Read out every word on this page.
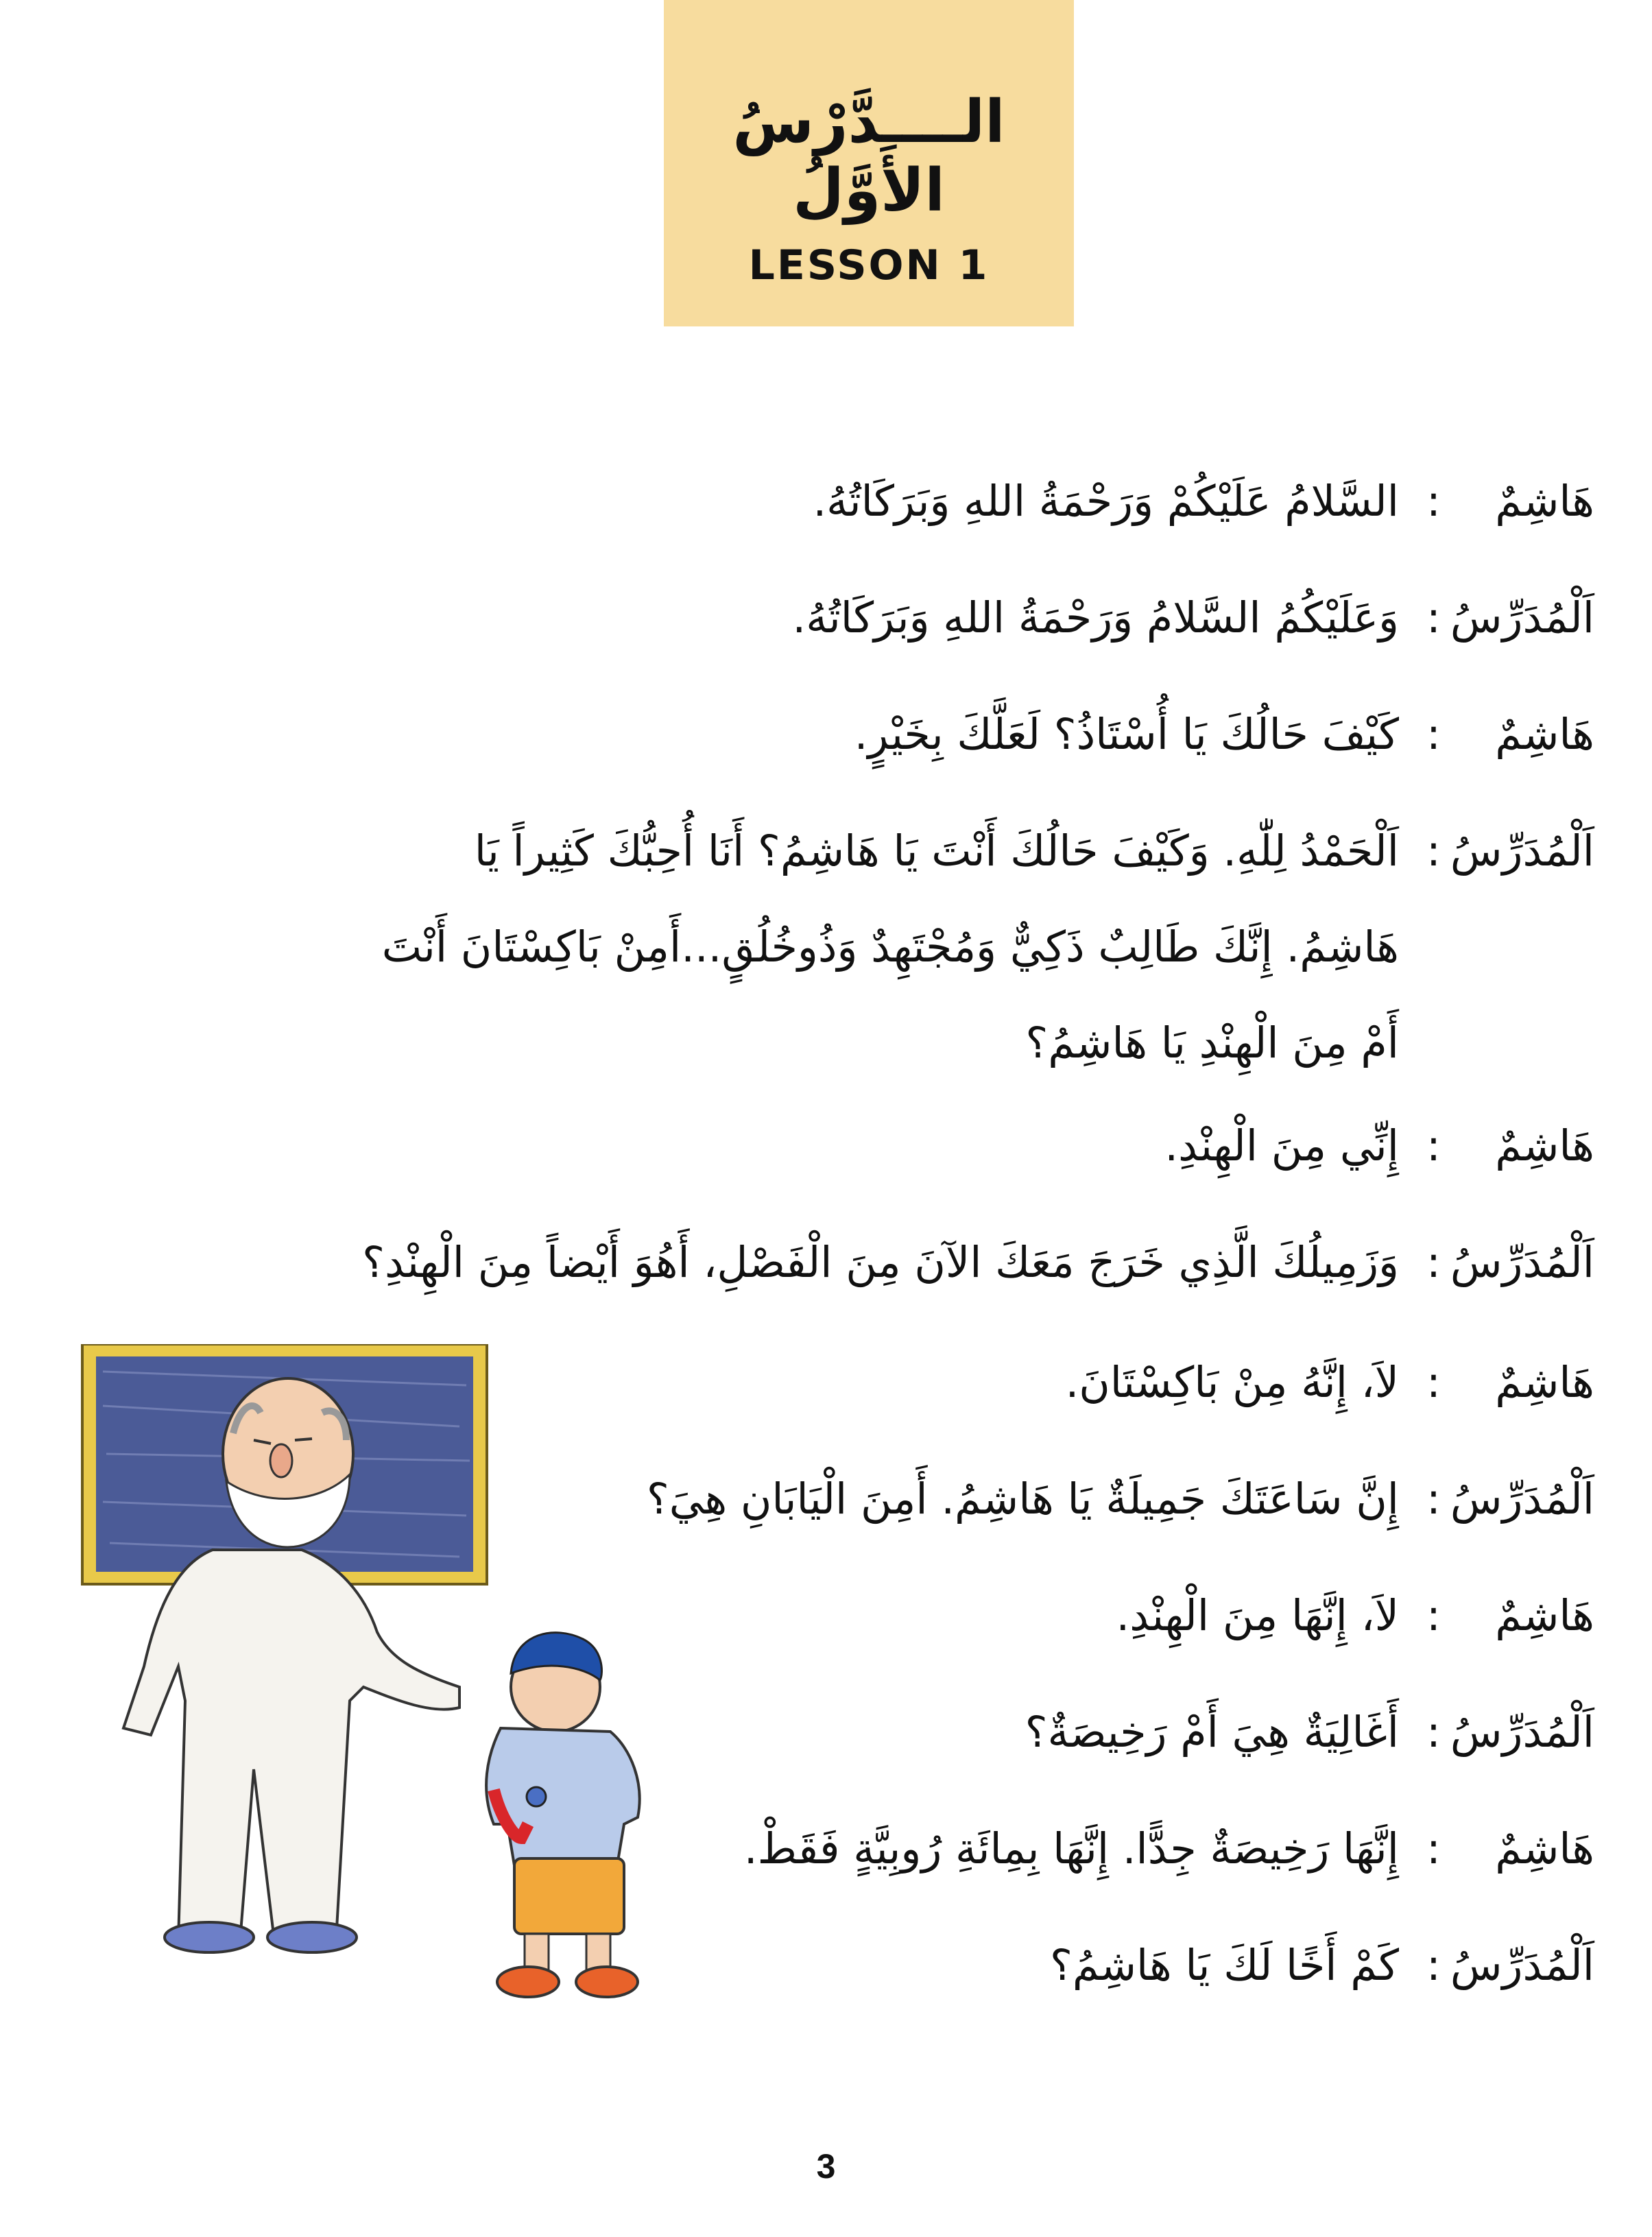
الــــدَّرْسُ الأَوَّلُ
LESSON 1
هَاشِمٌ
:
السَّلامُ عَلَيْكُمْ وَرَحْمَةُ اللهِ وَبَرَكَاتُهُ.
اَلْمُدَرِّسُ
:
وَعَلَيْكُمُ السَّلامُ وَرَحْمَةُ اللهِ وَبَرَكَاتُهُ.
هَاشِمٌ
:
كَيْفَ حَالُكَ يَا أُسْتَاذُ؟ لَعَلَّكَ بِخَيْرٍ.
اَلْمُدَرِّسُ
:
اَلْحَمْدُ لِلّٰهِ. وَكَيْفَ حَالُكَ أَنْتَ يَا هَاشِمُ؟ أَنَا أُحِبُّكَ كَثِيراً يَا
هَاشِمُ. إِنَّكَ طَالِبٌ ذَكِيٌّ وَمُجْتَهِدٌ وَذُوخُلُقٍ...أَمِنْ بَاكِسْتَانَ أَنْتَ
أَمْ مِنَ الْهِنْدِ يَا هَاشِمُ؟
هَاشِمٌ
:
إِنِّي مِنَ الْهِنْدِ.
اَلْمُدَرِّسُ
:
وَزَمِيلُكَ الَّذِي خَرَجَ مَعَكَ الآنَ مِنَ الْفَصْلِ، أَهُوَ أَيْضاً مِنَ الْهِنْدِ؟
هَاشِمٌ
:
لاَ، إِنَّهُ مِنْ بَاكِسْتَانَ.
اَلْمُدَرِّسُ
:
إِنَّ سَاعَتَكَ جَمِيلَةٌ يَا هَاشِمُ. أَمِنَ الْيَابَانِ هِيَ؟
هَاشِمٌ
:
لاَ، إِنَّهَا مِنَ الْهِنْدِ.
اَلْمُدَرِّسُ
:
أَغَالِيَةٌ هِيَ أَمْ رَخِيصَةٌ؟
هَاشِمٌ
:
إِنَّهَا رَخِيصَةٌ جِدًّا. إِنَّهَا بِمِائَةِ رُوبِيَّةٍ فَقَطْ.
اَلْمُدَرِّسُ
:
كَمْ أَخًا لَكَ يَا هَاشِمُ؟
3
